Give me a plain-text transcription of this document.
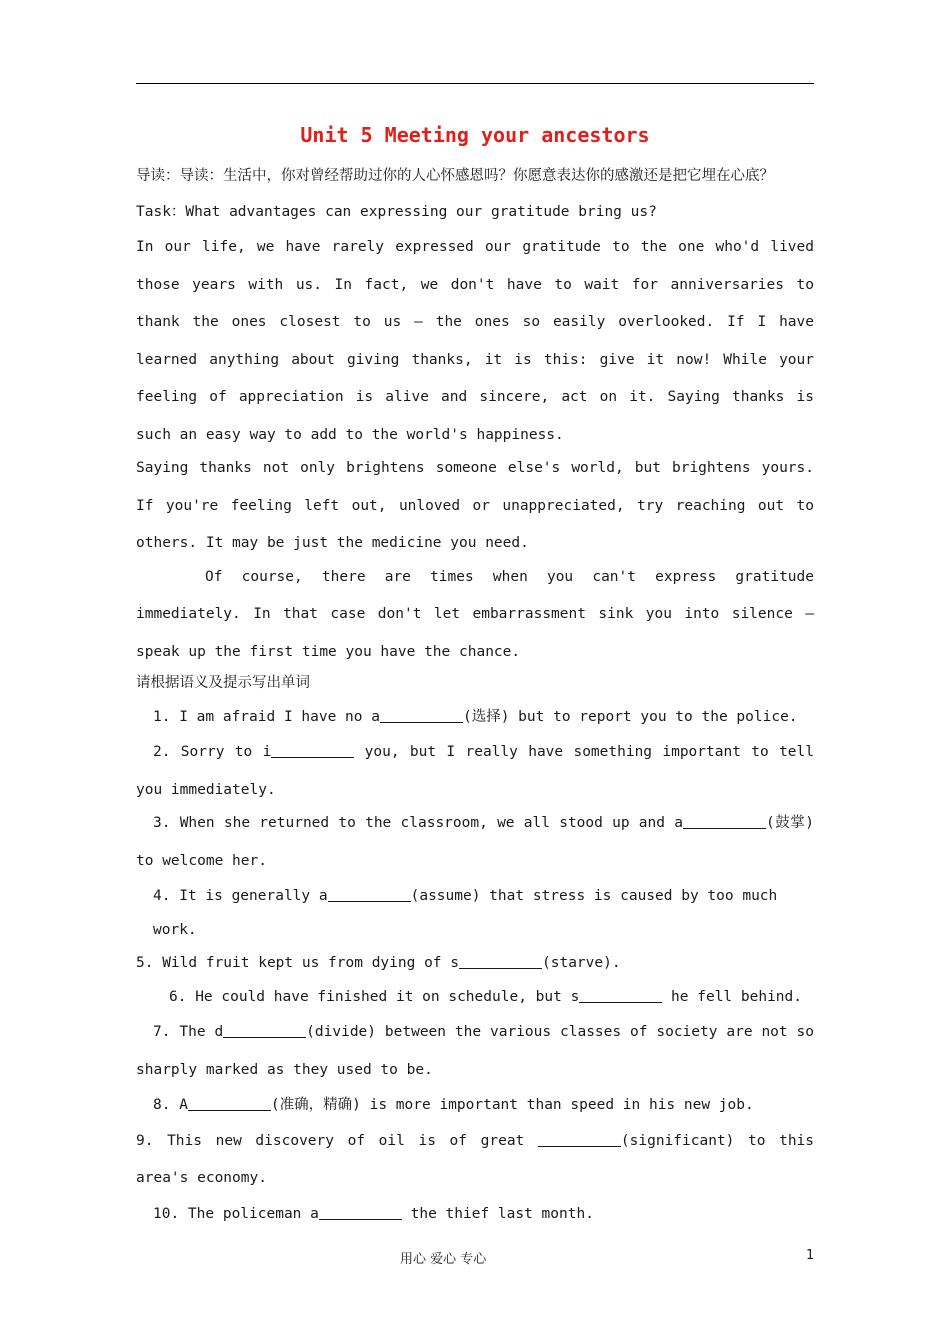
Unit 5 Meeting your ancestors

导读：导读：生活中，你对曾经帮助过你的人心怀感恩吗？你愿意表达你的感激还是把它埋在心底？

Task：What advantages can expressing our gratitude bring us?

In our life, we have rarely expressed our gratitude to the one who'd lived those years with us. In fact, we don't have to wait for anniversaries to thank the ones closest to us — the ones so easily overlooked. If I have learned anything about giving thanks, it is this: give it now! While your feeling of appreciation is alive and sincere, act on it. Saying thanks is such an easy way to add to the world's happiness.

Saying thanks not only brightens someone else's world, but brightens yours. If you're feeling left out, unloved or unappreciated, try reaching out to others. It may be just the medicine you need.

Of course, there are times when you can't express gratitude immediately. In that case don't let embarrassment sink you into silence — speak up the first time you have the chance.

请根据语义及提示写出单词

1. I am afraid I have no a	(选择) but to report you to the police.
2. Sorry to i	you, but I really have something important to tell you immediately.
3. When she returned to the classroom, we all stood up and a	(鼓掌) to welcome her.
4. It is generally a	(assume) that stress is caused by too much work.
5. Wild fruit kept us from dying of s	(starve).
6. He could have finished it on schedule, but s	he fell behind.
7. The d	(divide) between the various classes of society are not so sharply marked as they used to be.
8. A	(准确，精确) is more important than speed in his new job.
9. This new discovery of oil is of great	(significant) to this area's economy.
10. The policeman a	the thief last month.
用心 爱心 专心	1
